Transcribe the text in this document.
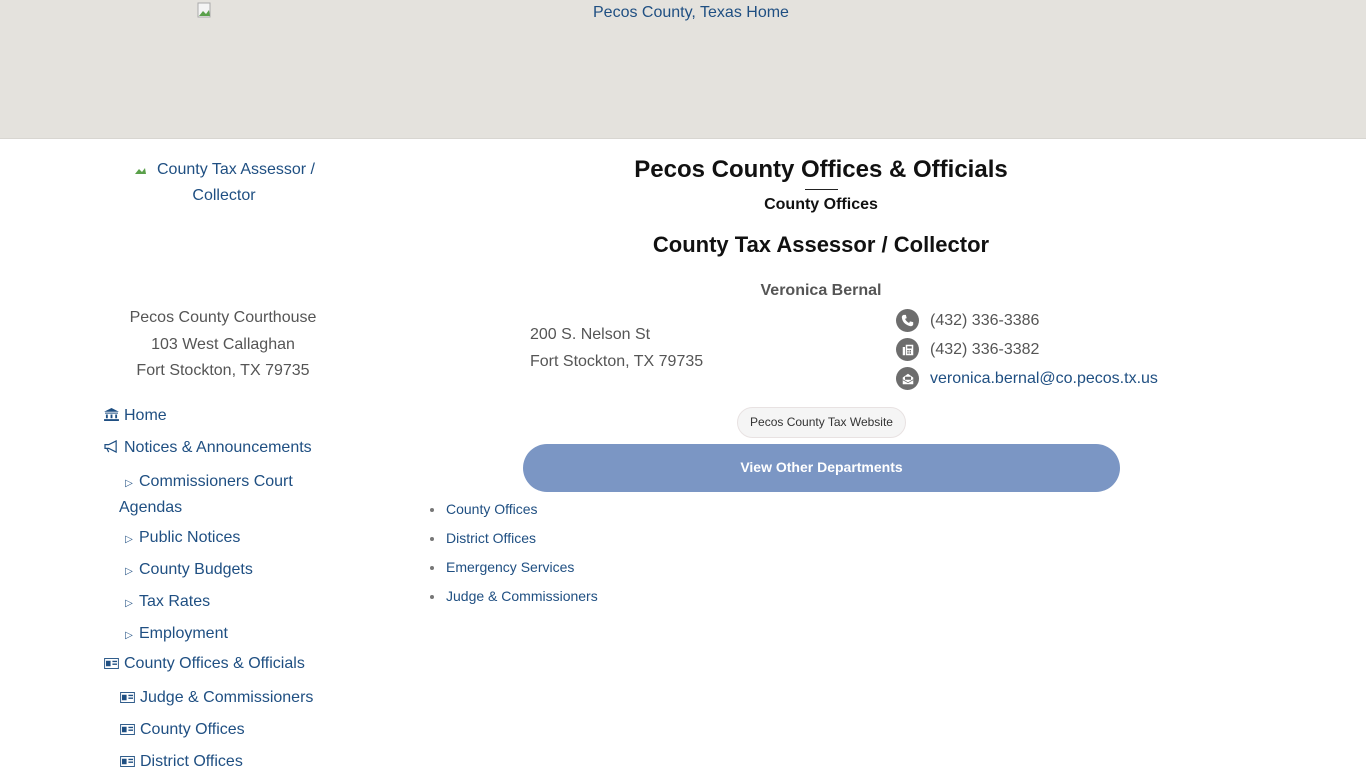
Pecos County, Texas Home
County Tax Assessor / Collector
Pecos County Courthouse
103 West Callaghan
Fort Stockton, TX 79735
Home
Notices & Announcements
▷ Commissioners Court Agendas
▷ Public Notices
▷ County Budgets
▷ Tax Rates
▷ Employment
County Offices & Officials
Judge & Commissioners
County Offices
District Offices
Pecos County Offices & Officials
County Offices
County Tax Assessor / Collector
Veronica Bernal
200 S. Nelson St
Fort Stockton, TX 79735
(432) 336-3386
(432) 336-3382
veronica.bernal@co.pecos.tx.us
Pecos County Tax Website
View Other Departments
County Offices
District Offices
Emergency Services
Judge & Commissioners
